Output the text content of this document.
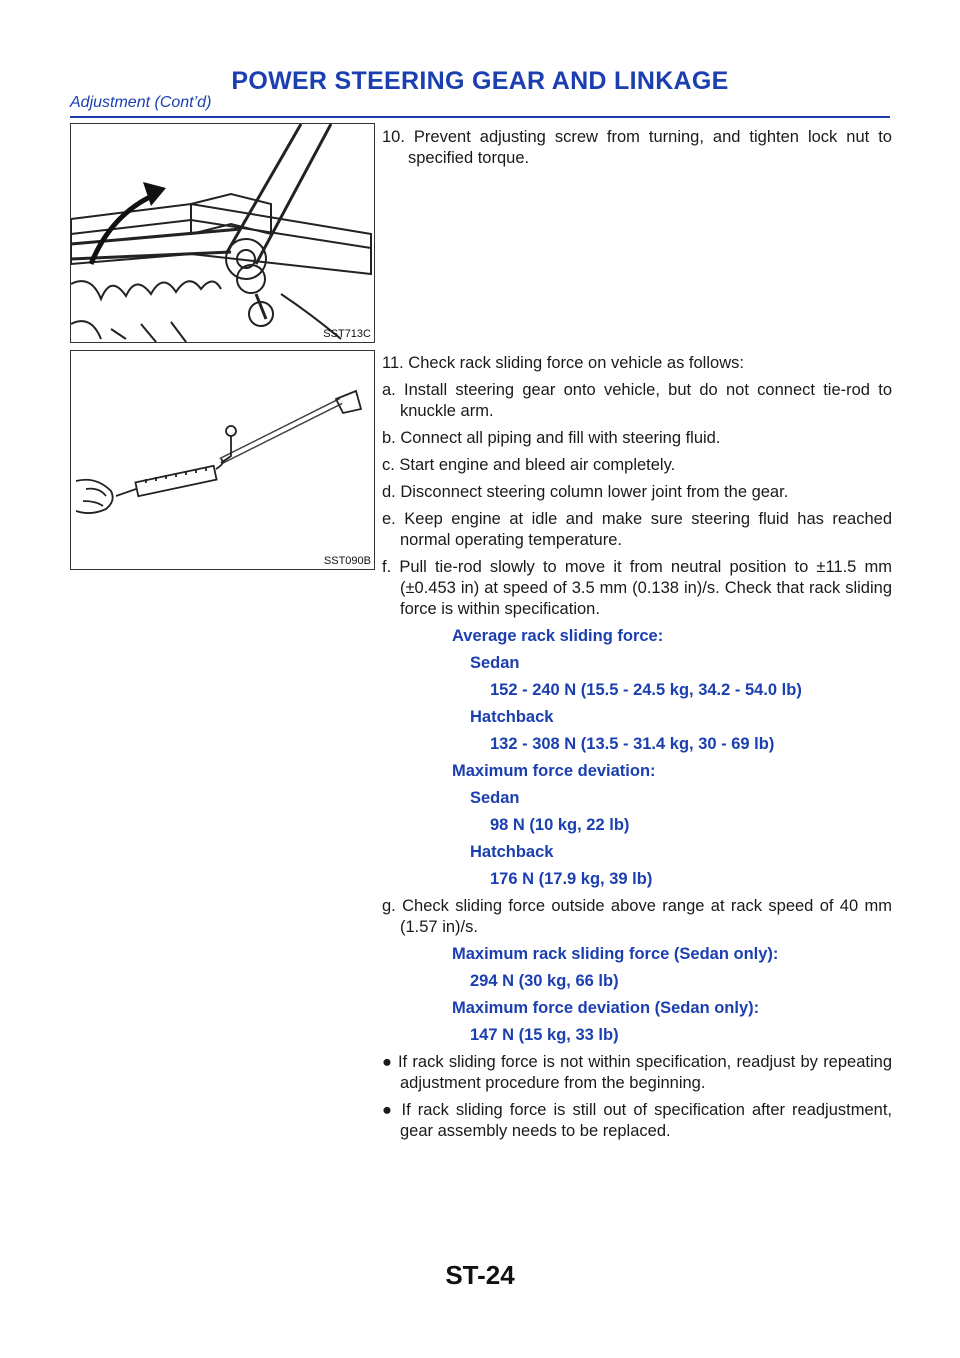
POWER STEERING GEAR AND LINKAGE
Adjustment (Cont’d)
SST713C
SST090B

10. Prevent adjusting screw from turning, and tighten lock nut to specified torque.

11. Check rack sliding force on vehicle as follows:

a. Install steering gear onto vehicle, but do not connect tie-rod to knuckle arm.

b. Connect all piping and fill with steering fluid.

c. Start engine and bleed air completely.

d. Disconnect steering column lower joint from the gear.

e. Keep engine at idle and make sure steering fluid has reached normal operating temperature.

f. Pull tie-rod slowly to move it from neutral position to ±11.5 mm (±0.453 in) at speed of 3.5 mm (0.138 in)/s. Check that rack sliding force is within specification.

Average rack sliding force:

Sedan

152 - 240 N (15.5 - 24.5 kg, 34.2 - 54.0 lb)

Hatchback

132 - 308 N (13.5 - 31.4 kg, 30 - 69 lb)

Maximum force deviation:

Sedan

98 N (10 kg, 22 lb)

Hatchback

176 N (17.9 kg, 39 lb)

g. Check sliding force outside above range at rack speed of 40 mm (1.57 in)/s.

Maximum rack sliding force (Sedan only):

294 N (30 kg, 66 lb)

Maximum force deviation (Sedan only):

147 N (15 kg, 33 lb)

● If rack sliding force is not within specification, readjust by repeating adjustment procedure from the beginning.

● If rack sliding force is still out of specification after readjustment, gear assembly needs to be replaced.

ST-24
